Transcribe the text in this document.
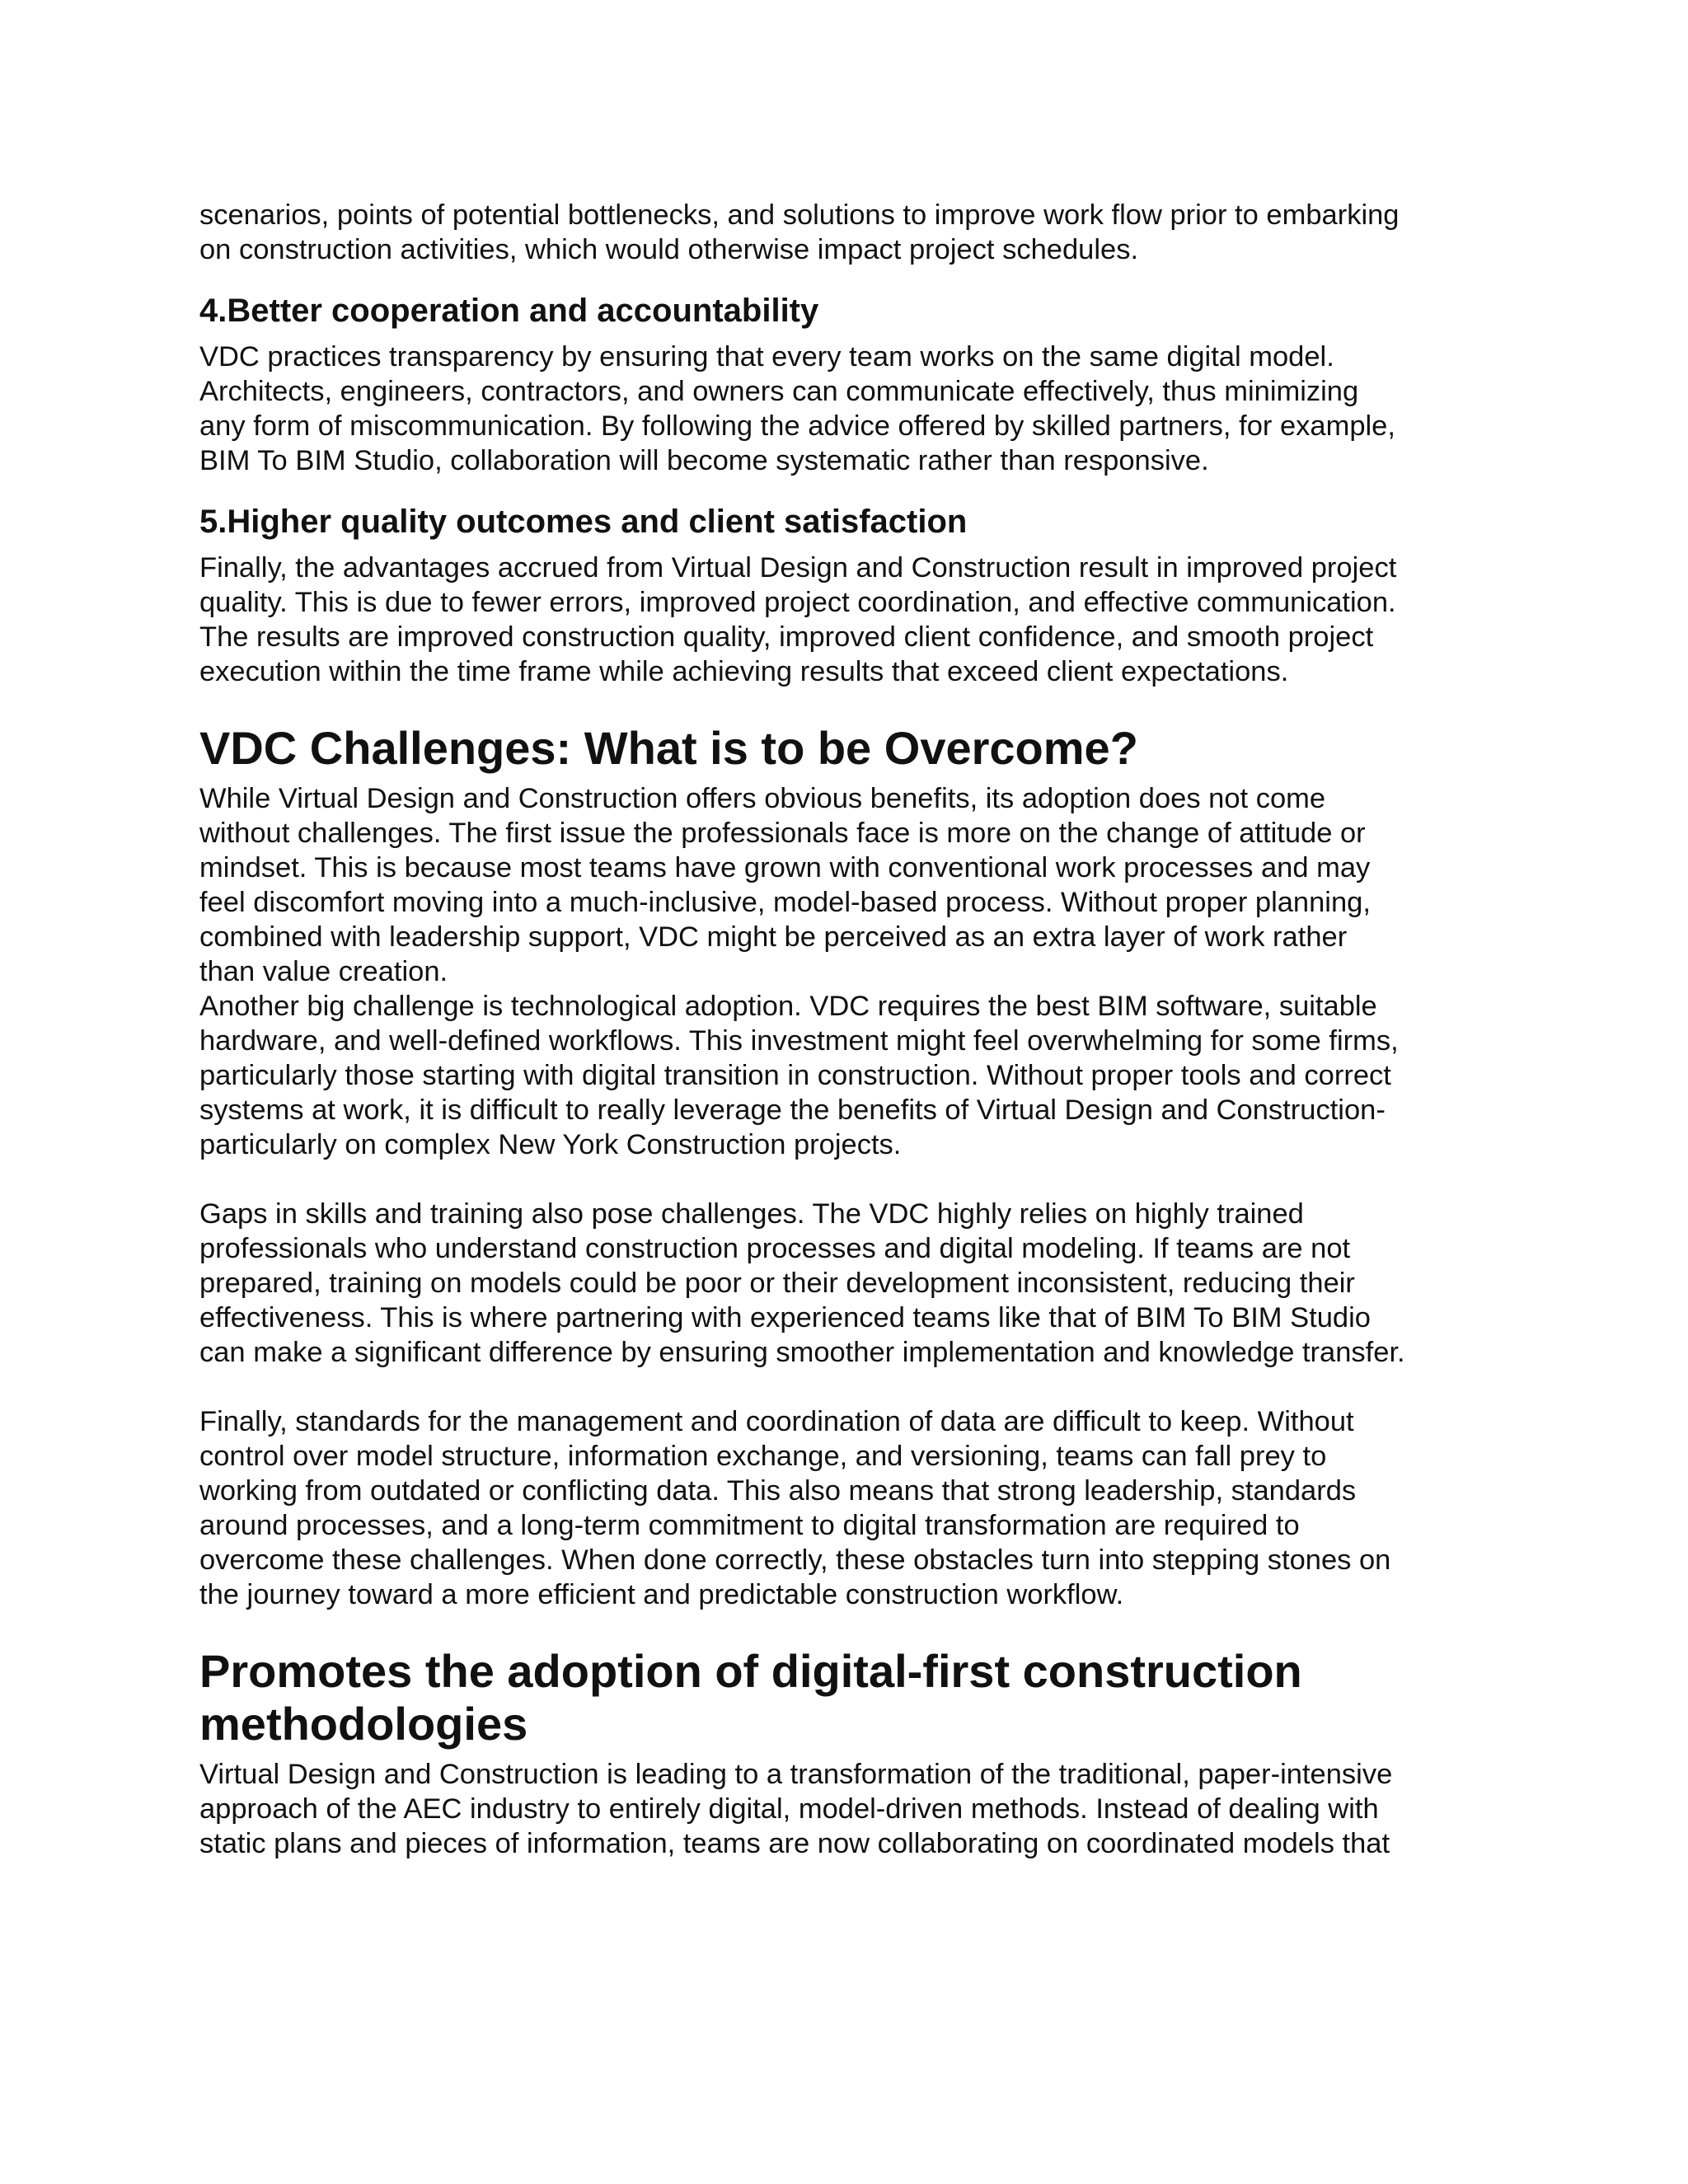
scenarios, points of potential bottlenecks, and solutions to improve work flow prior to embarking
on construction activities, which would otherwise impact project schedules.

4.Better cooperation and accountability

VDC practices transparency by ensuring that every team works on the same digital model.
Architects, engineers, contractors, and owners can communicate effectively, thus minimizing
any form of miscommunication. By following the advice offered by skilled partners, for example,
BIM To BIM Studio, collaboration will become systematic rather than responsive.

5.Higher quality outcomes and client satisfaction

Finally, the advantages accrued from Virtual Design and Construction result in improved project
quality. This is due to fewer errors, improved project coordination, and effective communication.
The results are improved construction quality, improved client confidence, and smooth project
execution within the time frame while achieving results that exceed client expectations.

VDC Challenges: What is to be Overcome?

While Virtual Design and Construction offers obvious benefits, its adoption does not come
without challenges. The first issue the professionals face is more on the change of attitude or
mindset. This is because most teams have grown with conventional work processes and may
feel discomfort moving into a much-inclusive, model-based process. Without proper planning,
combined with leadership support, VDC might be perceived as an extra layer of work rather
than value creation.
Another big challenge is technological adoption. VDC requires the best BIM software, suitable
hardware, and well-defined workflows. This investment might feel overwhelming for some firms,
particularly those starting with digital transition in construction. Without proper tools and correct
systems at work, it is difficult to really leverage the benefits of Virtual Design and Construction-
particularly on complex New York Construction projects.

Gaps in skills and training also pose challenges. The VDC highly relies on highly trained
professionals who understand construction processes and digital modeling. If teams are not
prepared, training on models could be poor or their development inconsistent, reducing their
effectiveness. This is where partnering with experienced teams like that of BIM To BIM Studio
can make a significant difference by ensuring smoother implementation and knowledge transfer.

Finally, standards for the management and coordination of data are difficult to keep. Without
control over model structure, information exchange, and versioning, teams can fall prey to
working from outdated or conflicting data. This also means that strong leadership, standards
around processes, and a long-term commitment to digital transformation are required to
overcome these challenges. When done correctly, these obstacles turn into stepping stones on
the journey toward a more efficient and predictable construction workflow.

Promotes the adoption of digital-first construction
methodologies

Virtual Design and Construction is leading to a transformation of the traditional, paper-intensive
approach of the AEC industry to entirely digital, model-driven methods. Instead of dealing with
static plans and pieces of information, teams are now collaborating on coordinated models that
